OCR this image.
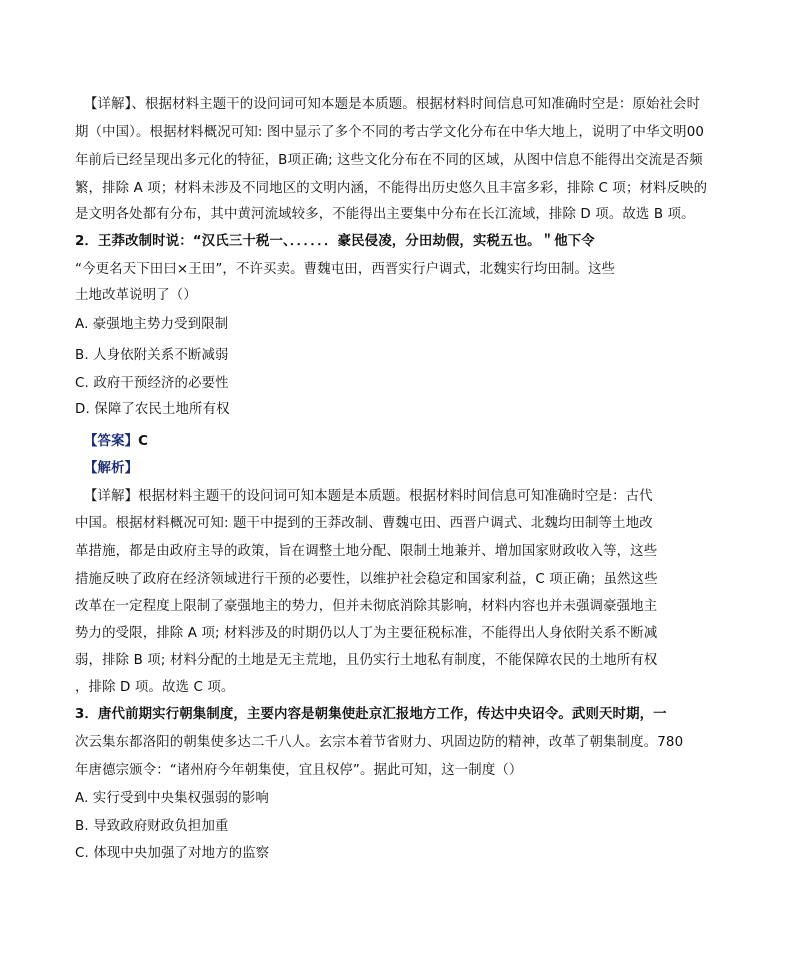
【详解】、根据材料主题干的设问词可知本题是本质题。根据材料时间信息可知准确时空是：原始社会时
期（中国）。根据材料概况可知: 图中显示了多个不同的考古学文化分布在中华大地上，说明了中华文明00
年前后已经呈现出多元化的特征，B项正确; 这些文化分布在不同的区域，从图中信息不能得出交流是否频
繁，排除 A 项；材料未涉及不同地区的文明内涵，不能得出历史悠久且丰富多彩，排除 C 项；材料反映的
是文明各处都有分布，其中黄河流域较多，不能得出主要集中分布在长江流域，排除 D 项。故选 B 项。
2．王莽改制时说：“汉氏三十税一、．．．．．．豪民侵凌，分田劫假，实税五也。＂他下令
“今更名天下田曰×王田”，不许买卖。曹魏屯田，西晋实行户调式，北魏实行均田制。这些
土地改革说明了（）
A. 豪强地主势力受到限制
B. 人身依附关系不断减弱
C. 政府干预经济的必要性
D. 保障了农民土地所有权
【答案】C
【解析】
【详解】根据材料主题干的设问词可知本题是本质题。根据材料时间信息可知准确时空是：古代
中国。根据材料概况可知: 题干中提到的王莽改制、曹魏屯田、西晋户调式、北魏均田制等土地改
革措施，都是由政府主导的政策，旨在调整土地分配、限制土地兼并、增加国家财政收入等，这些
措施反映了政府在经济领域进行干预的必要性，以维护社会稳定和国家利益，C 项正确；虽然这些
改革在一定程度上限制了豪强地主的势力，但并未彻底消除其影响，材料内容也并未强调豪强地主
势力的受限，排除 A 项; 材料涉及的时期仍以人丁为主要征税标准，不能得出人身依附关系不断减
弱，排除 B 项; 材料分配的土地是无主荒地，且仍实行土地私有制度，不能保障农民的土地所有权
，排除 D 项。故选 C 项。
3．唐代前期实行朝集制度，主要内容是朝集使赴京汇报地方工作，传达中央诏令。武则天时期，一
次云集东都洛阳的朝集使多达二千八人。玄宗本着节省财力、巩固边防的精神，改革了朝集制度。780
年唐德宗颁令：“诸州府今年朝集使，宜且权停”。据此可知，这一制度（）
A. 实行受到中央集权强弱的影响
B. 导致政府财政负担加重
C. 体现中央加强了对地方的监察
